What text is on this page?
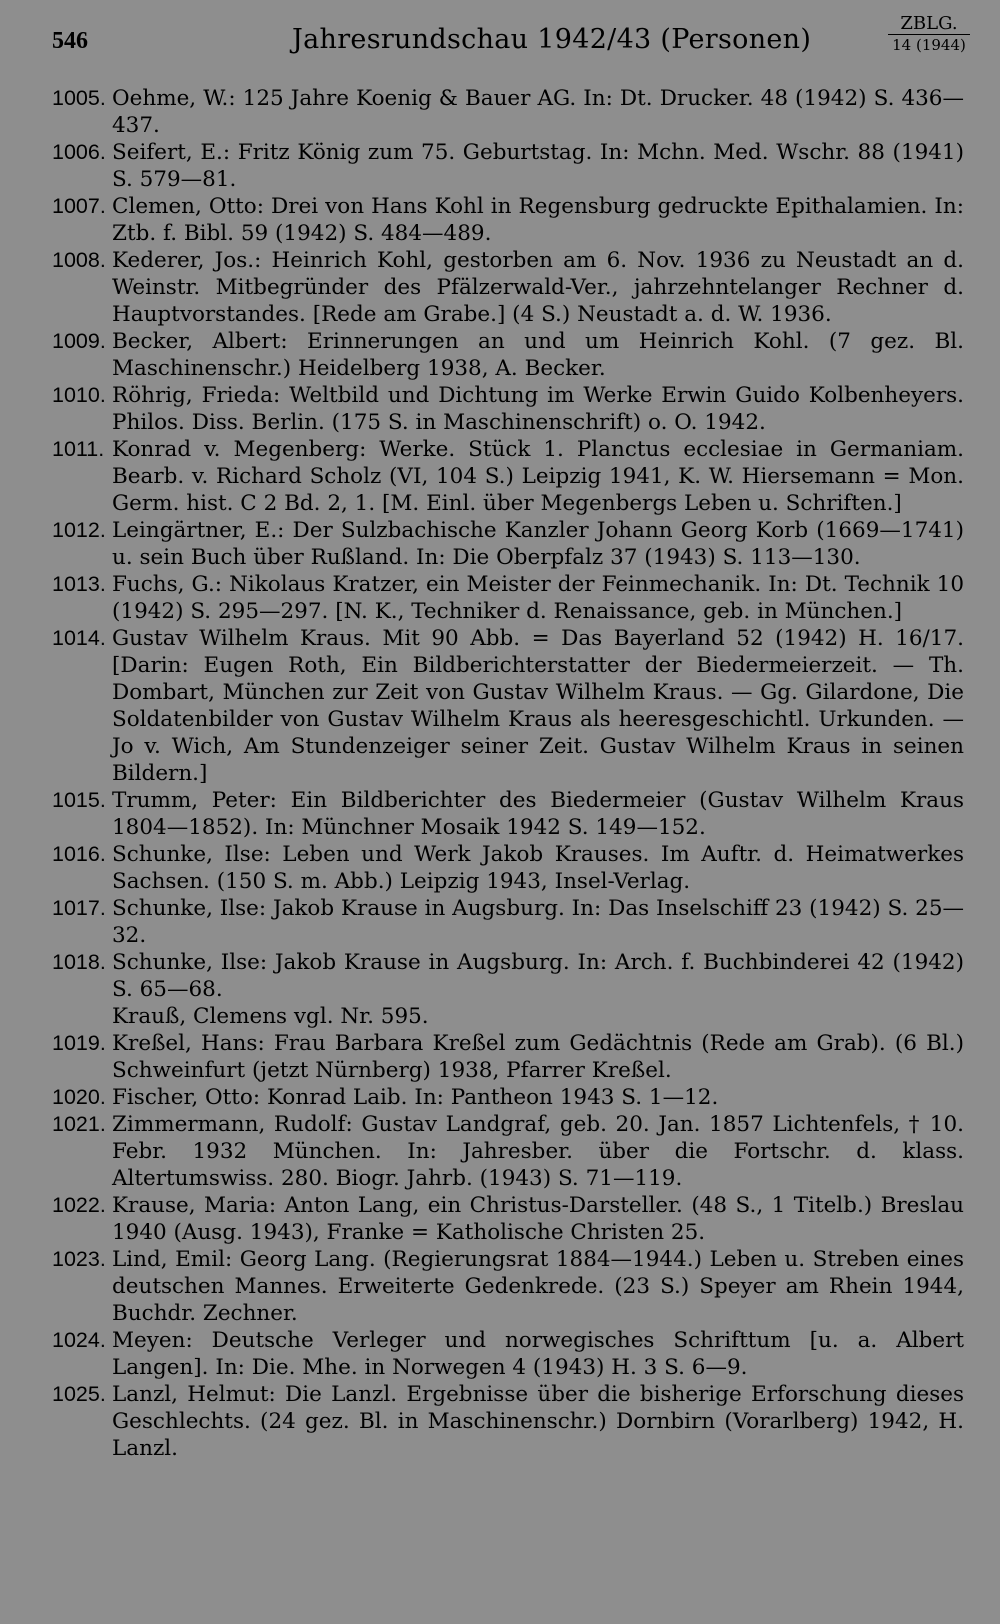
546	Jahresrundschau 1942/43 (Personen)
ZBLG.
14 (1944)
1005. Oehme, W.: 125 Jahre Koenig & Bauer AG. In: Dt. Drucker. 48 (1942) S. 436—437.
1006. Seifert, E.: Fritz König zum 75. Geburtstag. In: Mchn. Med. Wschr. 88 (1941) S. 579—81.
1007. Clemen, Otto: Drei von Hans Kohl in Regensburg gedruckte Epithalamien. In: Ztb. f. Bibl. 59 (1942) S. 484—489.
1008. Kederer, Jos.: Heinrich Kohl, gestorben am 6. Nov. 1936 zu Neustadt an d. Weinstr. Mitbegründer des Pfälzerwald-Ver., jahrzehntelanger Rechner d. Hauptvorstandes. [Rede am Grabe.] (4 S.) Neustadt a. d. W. 1936.
1009. Becker, Albert: Erinnerungen an und um Heinrich Kohl. (7 gez. Bl. Maschinenschr.) Heidelberg 1938, A. Becker.
1010. Röhrig, Frieda: Weltbild und Dichtung im Werke Erwin Guido Kolbenheyers. Philos. Diss. Berlin. (175 S. in Maschinenschrift) o. O. 1942.
1011. Konrad v. Megenberg: Werke. Stück 1. Planctus ecclesiae in Germaniam. Bearb. v. Richard Scholz (VI, 104 S.) Leipzig 1941, K. W. Hiersemann = Mon. Germ. hist. C 2 Bd. 2, 1. [M. Einl. über Megenbergs Leben u. Schriften.]
1012. Leingärtner, E.: Der Sulzbachische Kanzler Johann Georg Korb (1669—1741) u. sein Buch über Rußland. In: Die Oberpfalz 37 (1943) S. 113—130.
1013. Fuchs, G.: Nikolaus Kratzer, ein Meister der Feinmechanik. In: Dt. Technik 10 (1942) S. 295—297. [N. K., Techniker d. Renaissance, geb. in München.]
1014. Gustav Wilhelm Kraus. Mit 90 Abb. = Das Bayerland 52 (1942) H. 16/17. [Darin: Eugen Roth, Ein Bildberichterstatter der Biedermeierzeit. — Th. Dombart, München zur Zeit von Gustav Wilhelm Kraus. — Gg. Gilardone, Die Soldatenbilder von Gustav Wilhelm Kraus als heeresgeschichtl. Urkunden. — Jo v. Wich, Am Stundenzeiger seiner Zeit. Gustav Wilhelm Kraus in seinen Bildern.]
1015. Trumm, Peter: Ein Bildberichter des Biedermeier (Gustav Wilhelm Kraus 1804—1852). In: Münchner Mosaik 1942 S. 149—152.
1016. Schunke, Ilse: Leben und Werk Jakob Krauses. Im Auftr. d. Heimatwerkes Sachsen. (150 S. m. Abb.) Leipzig 1943, Insel-Verlag.
1017. Schunke, Ilse: Jakob Krause in Augsburg. In: Das Inselschiff 23 (1942) S. 25—32.
1018. Schunke, Ilse: Jakob Krause in Augsburg. In: Arch. f. Buchbinderei 42 (1942) S. 65—68.
Krauß, Clemens vgl. Nr. 595.
1019. Kreßel, Hans: Frau Barbara Kreßel zum Gedächtnis (Rede am Grab). (6 Bl.) Schweinfurt (jetzt Nürnberg) 1938, Pfarrer Kreßel.
1020. Fischer, Otto: Konrad Laib. In: Pantheon 1943 S. 1—12.
1021. Zimmermann, Rudolf: Gustav Landgraf, geb. 20. Jan. 1857 Lichtenfels, † 10. Febr. 1932 München. In: Jahresber. über die Fortschr. d. klass. Altertumswiss. 280. Biogr. Jahrb. (1943) S. 71—119.
1022. Krause, Maria: Anton Lang, ein Christus-Darsteller. (48 S., 1 Titelb.) Breslau 1940 (Ausg. 1943), Franke = Katholische Christen 25.
1023. Lind, Emil: Georg Lang. (Regierungsrat 1884—1944.) Leben u. Streben eines deutschen Mannes. Erweiterte Gedenkrede. (23 S.) Speyer am Rhein 1944, Buchdr. Zechner.
1024. Meyen: Deutsche Verleger und norwegisches Schrifttum [u. a. Albert Langen]. In: Die. Mhe. in Norwegen 4 (1943) H. 3 S. 6—9.
1025. Lanzl, Helmut: Die Lanzl. Ergebnisse über die bisherige Erforschung dieses Geschlechts. (24 gez. Bl. in Maschinenschr.) Dornbirn (Vorarlberg) 1942, H. Lanzl.
